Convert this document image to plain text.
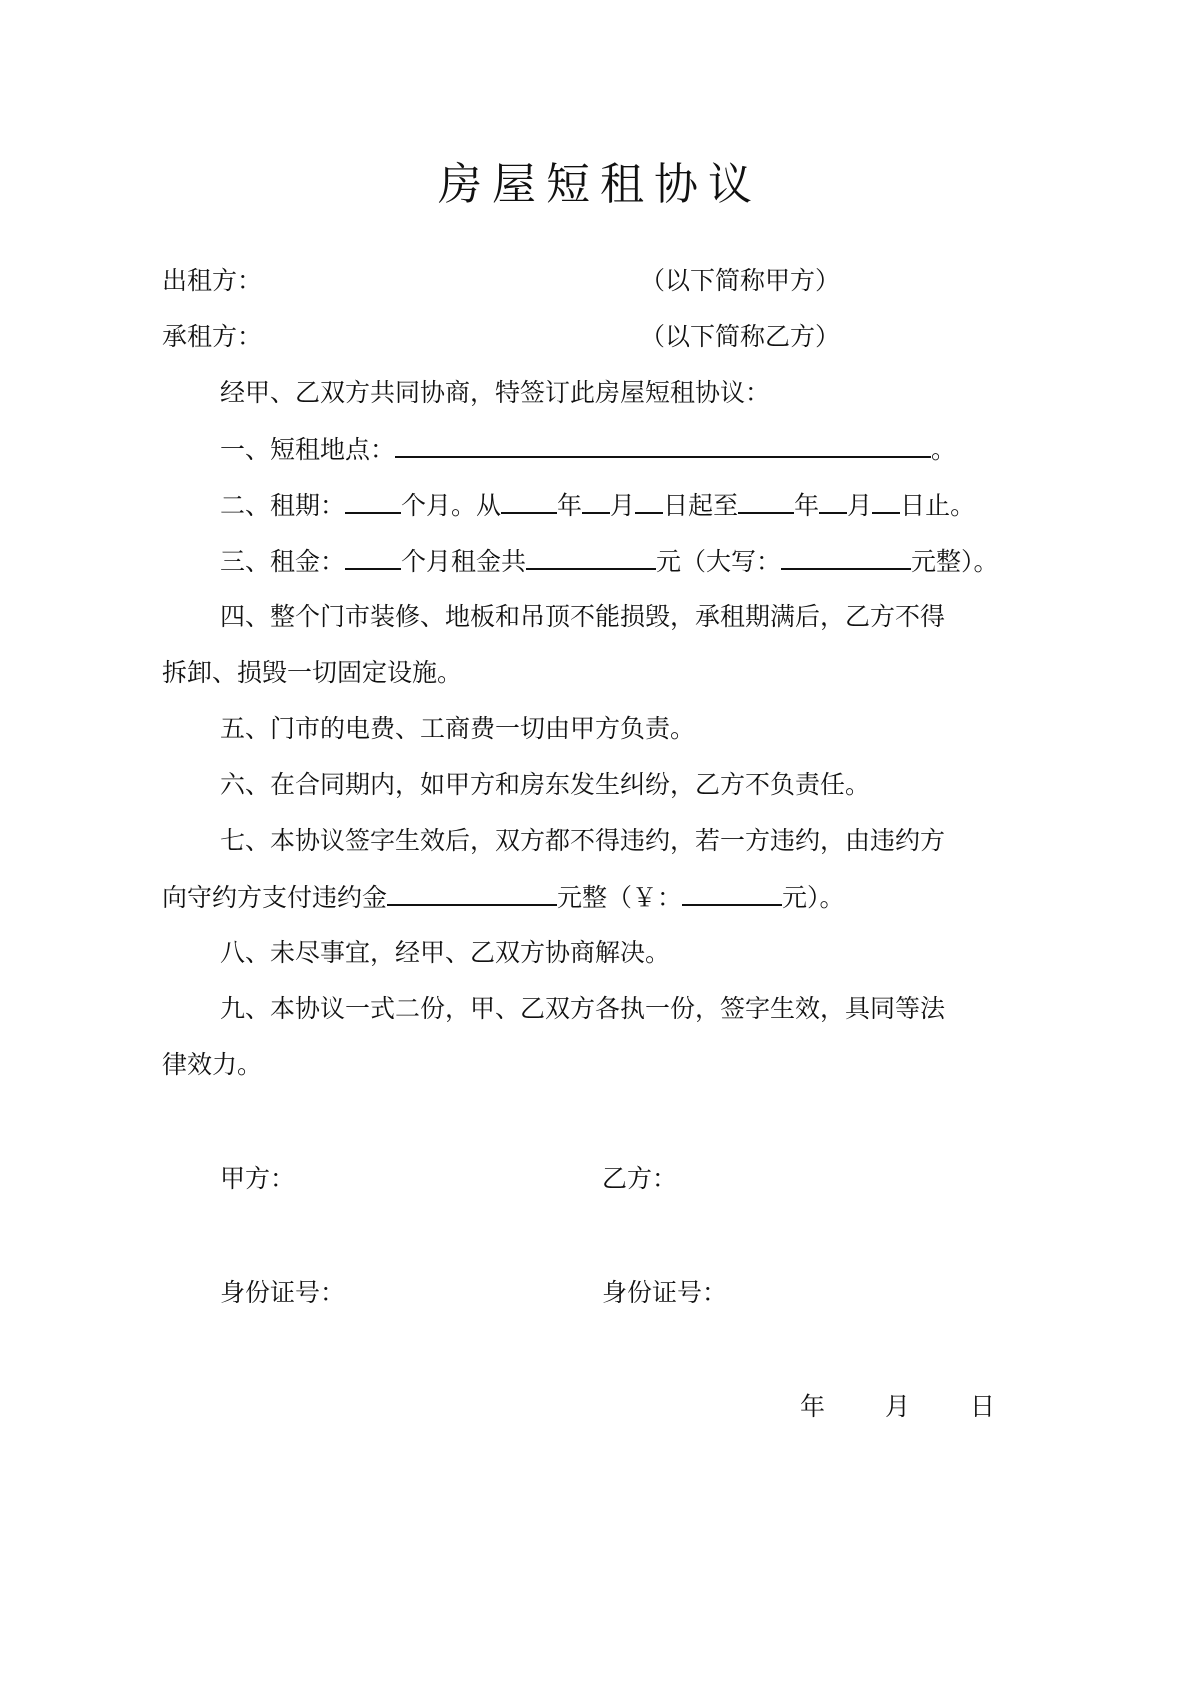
房屋短租协议
出租方：	（以下简称甲方）
承租方：	（以下简称乙方）
经甲、乙双方共同协商，特签订此房屋短租协议：
一、短租地点：	。
二、租期： 个月。从 年 月 日起至 年 月 日止。
三、租金： 个月租金共	元（大写：	元整）。
四、整个门市装修、地板和吊顶不能损毁，承租期满后，乙方不得
拆卸、损毁一切固定设施。
五、门市的电费、工商费一切由甲方负责。
六、在合同期内，如甲方和房东发生纠纷，乙方不负责任。
七、本协议签字生效后，双方都不得违约，若一方违约，由违约方
向守约方支付违约金	元整（￥：	元）。
八、未尽事宜，经甲、乙双方协商解决。
九、本协议一式二份，甲、乙双方各执一份，签字生效，具同等法
律效力。
甲方：	乙方：
身份证号：	身份证号：
年 月 日
